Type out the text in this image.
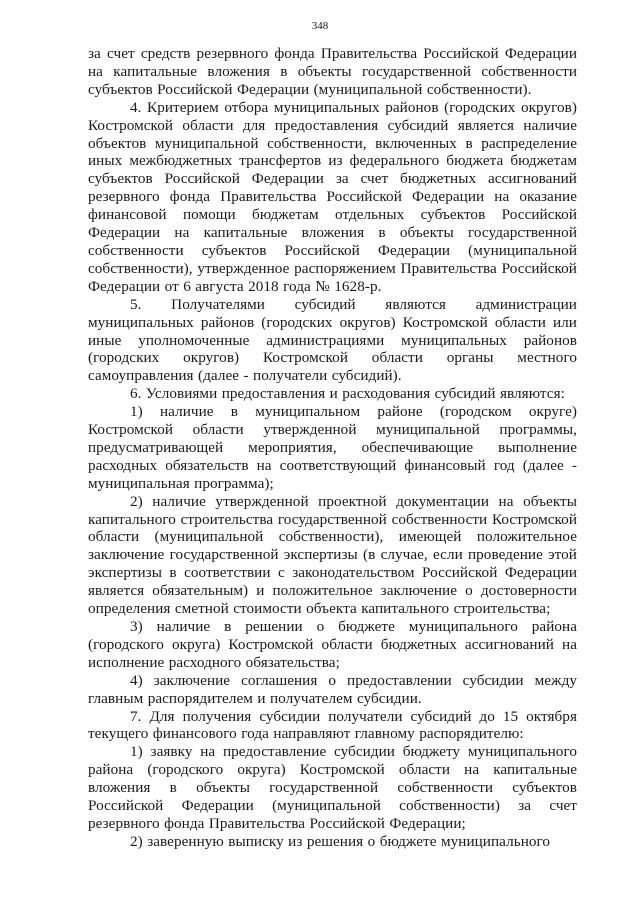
348

за счет средств резервного фонда Правительства Российской Федерации на капитальные вложения в объекты государственной собственности субъектов Российской Федерации (муниципальной собственности).

4. Критерием отбора муниципальных районов (городских округов) Костромской области для предоставления субсидий является наличие объектов муниципальной собственности, включенных в распределение иных межбюджетных трансфертов из федерального бюджета бюджетам субъектов Российской Федерации за счет бюджетных ассигнований резервного фонда Правительства Российской Федерации на оказание финансовой помощи бюджетам отдельных субъектов Российской Федерации на капитальные вложения в объекты государственной собственности субъектов Российской Федерации (муниципальной собственности), утвержденное распоряжением Правительства Российской Федерации от 6 августа 2018 года № 1628-р.

5. Получателями субсидий являются администрации муниципальных районов (городских округов) Костромской области или иные уполномоченные администрациями муниципальных районов (городских округов) Костромской области органы местного самоуправления (далее - получатели субсидий).

6. Условиями предоставления и расходования субсидий являются:

1) наличие в муниципальном районе (городском округе) Костромской области утвержденной муниципальной программы, предусматривающей мероприятия, обеспечивающие выполнение расходных обязательств на соответствующий финансовый год (далее - муниципальная программа);

2) наличие утвержденной проектной документации на объекты капитального строительства государственной собственности Костромской области (муниципальной собственности), имеющей положительное заключение государственной экспертизы (в случае, если проведение этой экспертизы в соответствии с законодательством Российской Федерации является обязательным) и положительное заключение о достоверности определения сметной стоимости объекта капитального строительства;

3) наличие в решении о бюджете муниципального района (городского округа) Костромской области бюджетных ассигнований на исполнение расходного обязательства;

4) заключение соглашения о предоставлении субсидии между главным распорядителем и получателем субсидии.

7. Для получения субсидии получатели субсидий до 15 октября текущего финансового года направляют главному распорядителю:

1) заявку на предоставление субсидии бюджету муниципального района (городского округа) Костромской области на капитальные вложения в объекты государственной собственности субъектов Российской Федерации (муниципальной собственности) за счет резервного фонда Правительства Российской Федерации;

2) заверенную выписку из решения о бюджете муниципального
